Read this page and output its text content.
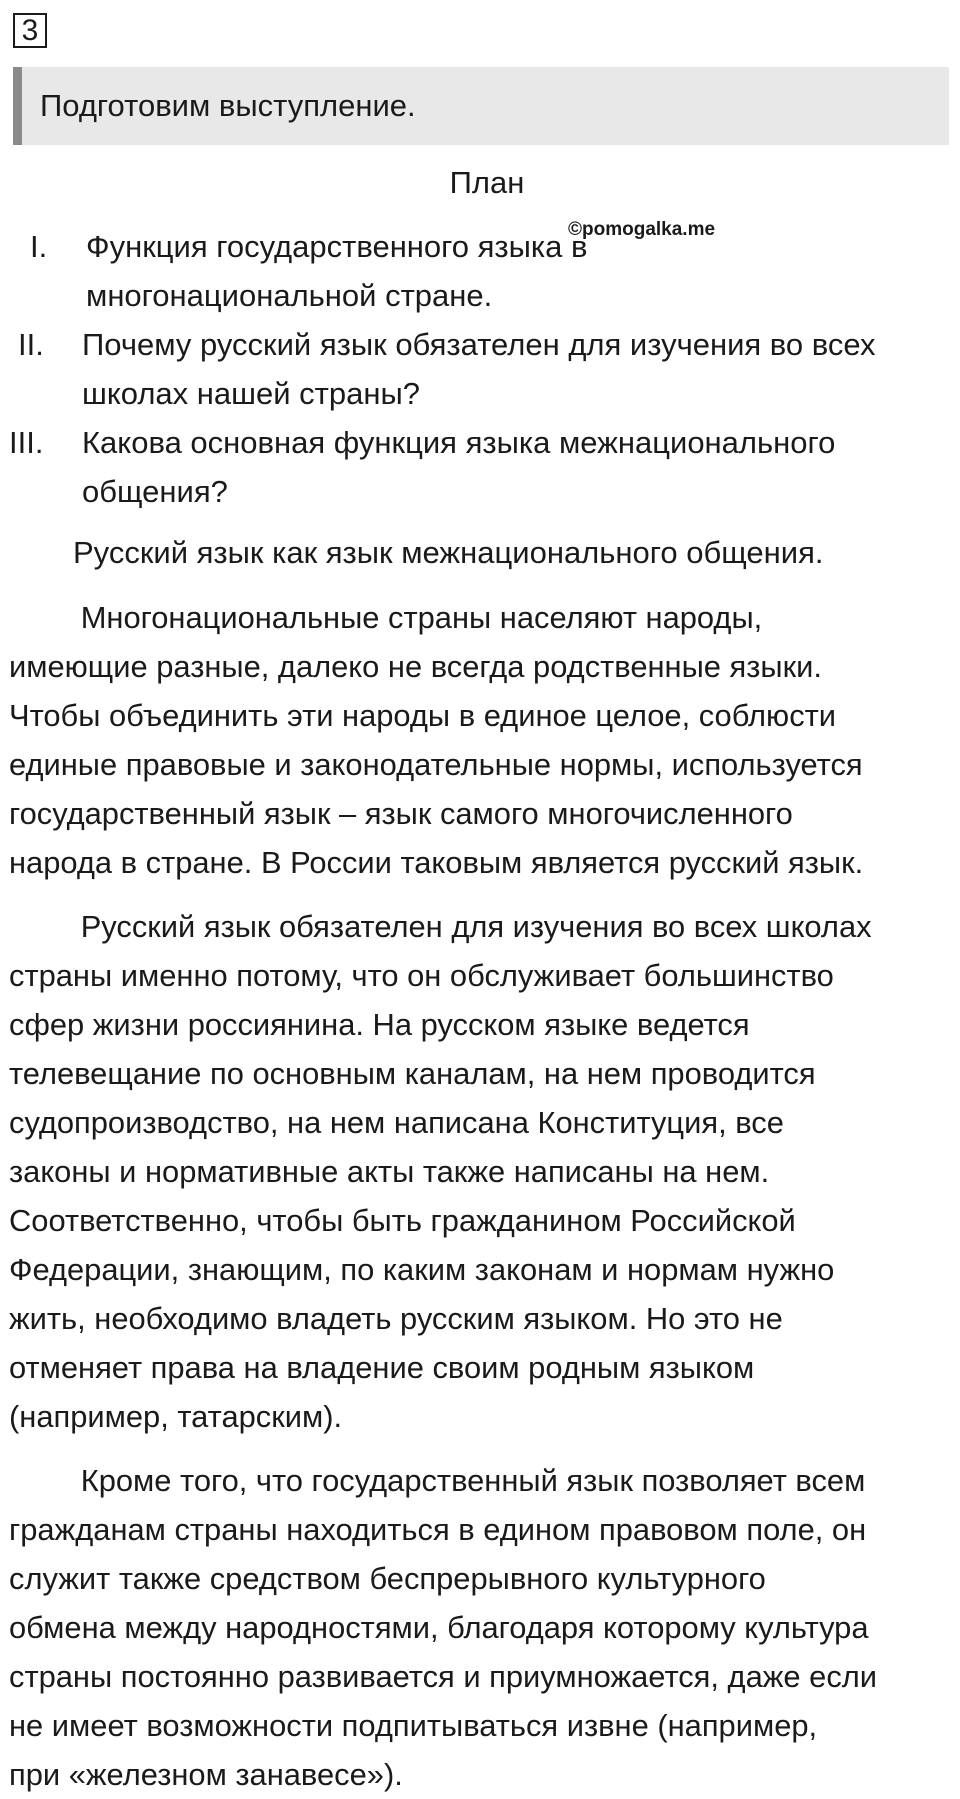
3
Подготовим выступление.
План
©pomogalka.me
I. Функция государственного языка в
многонациональной стране.
II. Почему русский язык обязателен для изучения во всех
школах нашей страны?
III. Какова основная функция языка межнационального
общения?
Русский язык как язык межнационального общения.
Многонациональные страны населяют народы,
имеющие разные, далеко не всегда родственные языки.
Чтобы объединить эти народы в единое целое, соблюсти
единые правовые и законодательные нормы, используется
государственный язык – язык самого многочисленного
народа в стране. В России таковым является русский язык.
Русский язык обязателен для изучения во всех школах
страны именно потому, что он обслуживает большинство
сфер жизни россиянина. На русском языке ведется
телевещание по основным каналам, на нем проводится
судопроизводство, на нем написана Конституция, все
законы и нормативные акты также написаны на нем.
Соответственно, чтобы быть гражданином Российской
Федерации, знающим, по каким законам и нормам нужно
жить, необходимо владеть русским языком. Но это не
отменяет права на владение своим родным языком
(например, татарским).
Кроме того, что государственный язык позволяет всем
гражданам страны находиться в едином правовом поле, он
служит также средством беспрерывного культурного
обмена между народностями, благодаря которому культура
страны постоянно развивается и приумножается, даже если
не имеет возможности подпитываться извне (например,
при «железном занавесе»).
